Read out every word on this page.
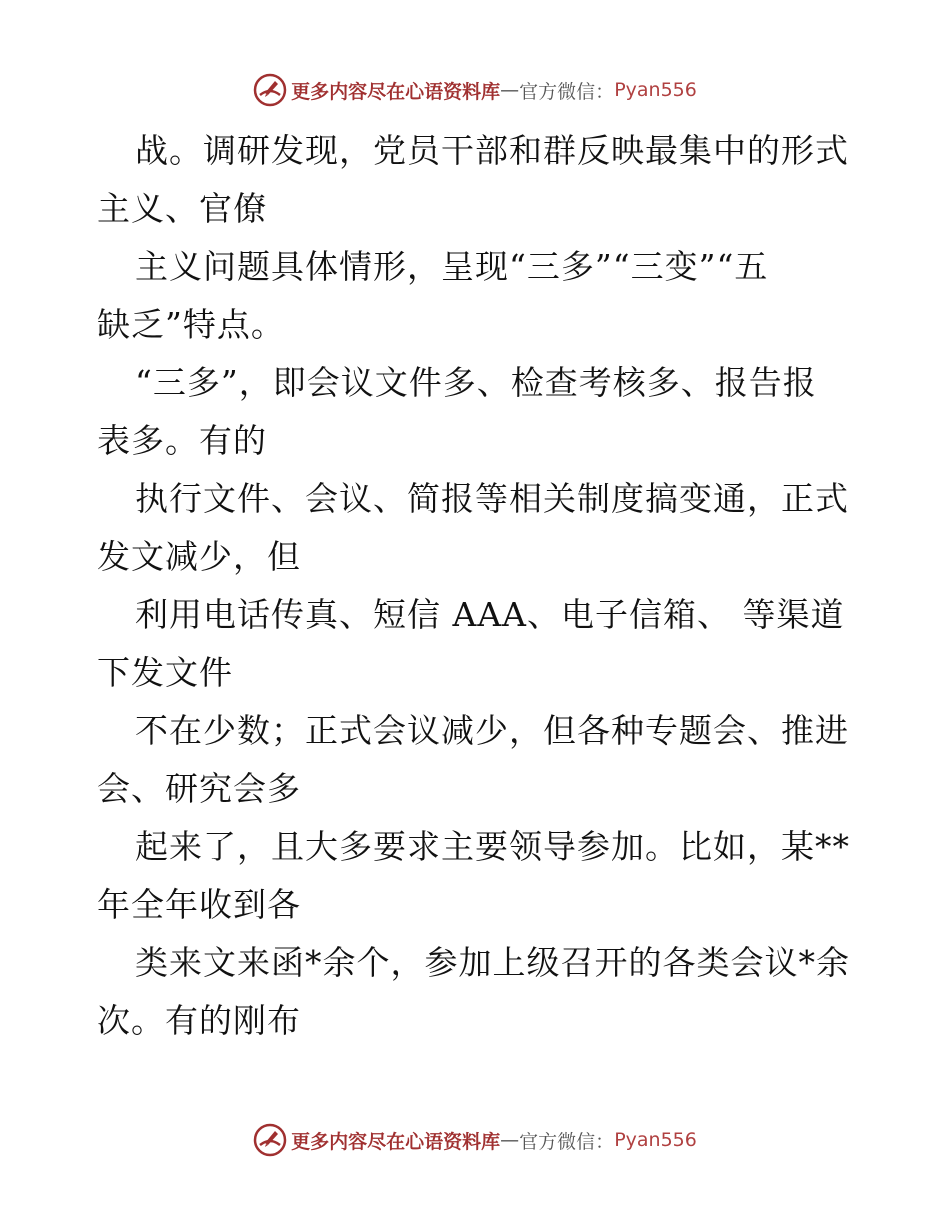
更多内容尽在心语资料库 — 官方微信： Pyan556
战。调研发现，党员干部和群反映最集中的形式
主义、官僚
主义问题具体情形，呈现“三多”“三变”“五
缺乏”特点。
“三多”，即会议文件多、检查考核多、报告报
表多。有的
执行文件、会议、简报等相关制度搞变通，正式
发文减少，但
利用电话传真、短信 AAA、电子信箱、 等渠道
下发文件
不在少数；正式会议减少，但各种专题会、推进
会、研究会多
起来了，且大多要求主要领导参加。比如，某**
年全年收到各
类来文来函*余个，参加上级召开的各类会议*余
次。有的刚布
更多内容尽在心语资料库 — 官方微信： Pyan556
